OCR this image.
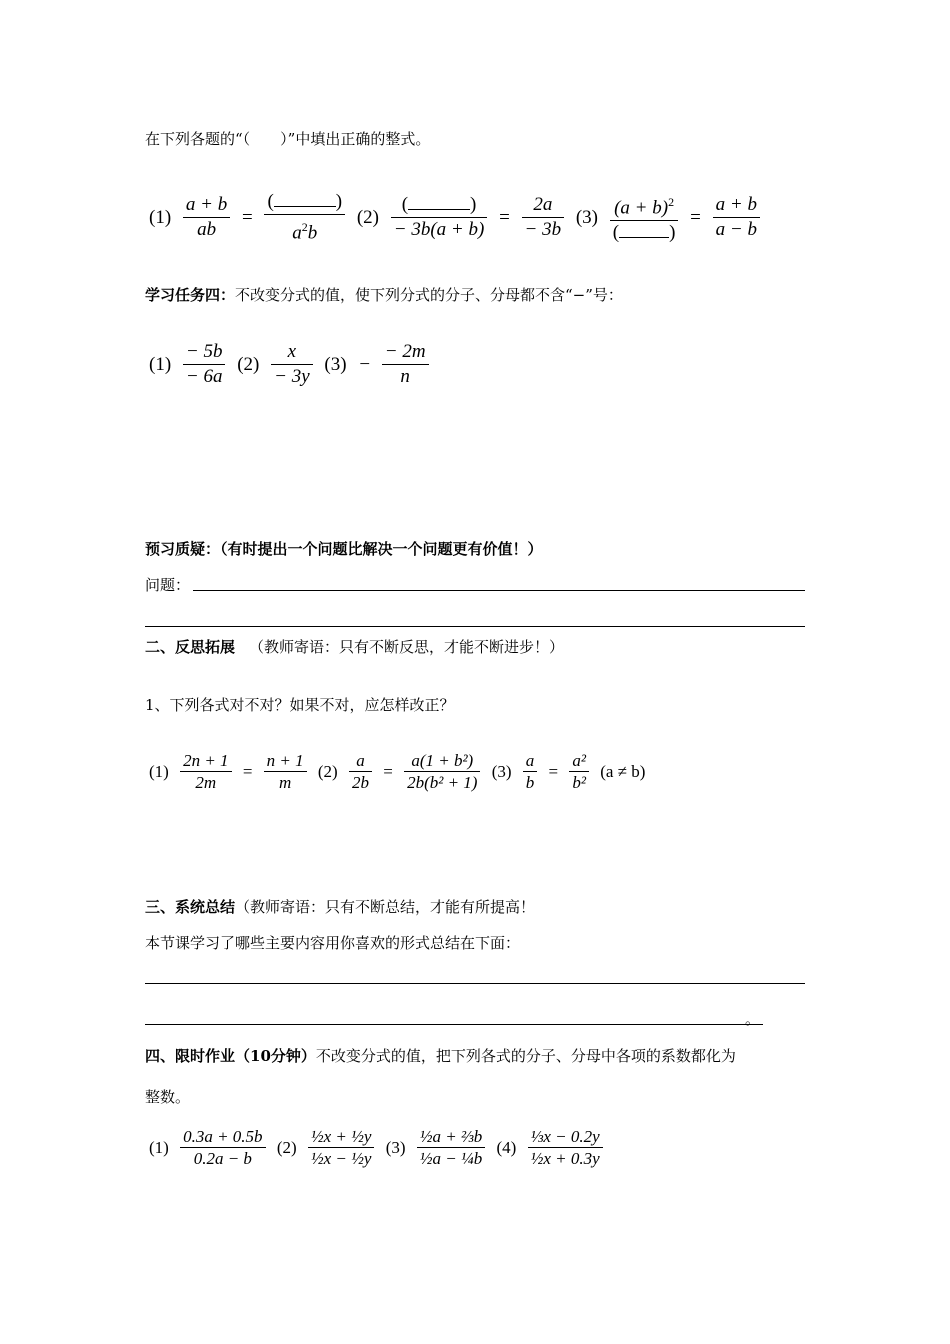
在下列各题的“（　　）”中填出正确的整式。
$(1) \frac{a + b}{ab}$ = (	)
$a^2b$ (2) (	)
− $3b(a + b) = \frac{2a}{- 3b} (3) (a + b)^2$
(	) = $\frac{a + b}{a - b}$
学习任务四：不改变分式的值，使下列分式的分子、分母都不含“−”号：
$(1) \frac{- 5b}{- 6a} (2) \frac{x}{- 3y} (3) - \frac{- 2m}{n}$
预习质疑：（有时提出一个问题比解决一个问题更有价值！）
问题：
二、反思拓展 （教师寄语：只有不断反思，才能不断进步！）
1、下列各式对不对？如果不对，应怎样改正？
$(1) \frac{2n + 1}{2m} = \frac{n + 1}{m} (2) \frac{a}{2b} = \frac{\text{a(1 + b²)}}{\text{2b(b² + 1)}} (3) \frac{a}{b} = \frac{\text{a²}}{\text{b²}} (a \ne b)$
三、系统总结（教师寄语：只有不断总结，才能有所提高！
本节课学习了哪些主要内容用你喜欢的形式总结在下面：
。
四、限时作业（10分钟）不改变分式的值，把下列各式的分子、分母中各项的系数都化为
整数。
$(1) \frac{0.3a + 0.5b}{0.2a - b} (2) \frac{\text{½x + ½y}}{\text{½x − ½y}} (3) \frac{\text{½a + ⅔b}}{\text{½a − ¼b}} (4) \frac{\text{⅓x − 0.2y}}{\text{½x + 0.3y}}$
